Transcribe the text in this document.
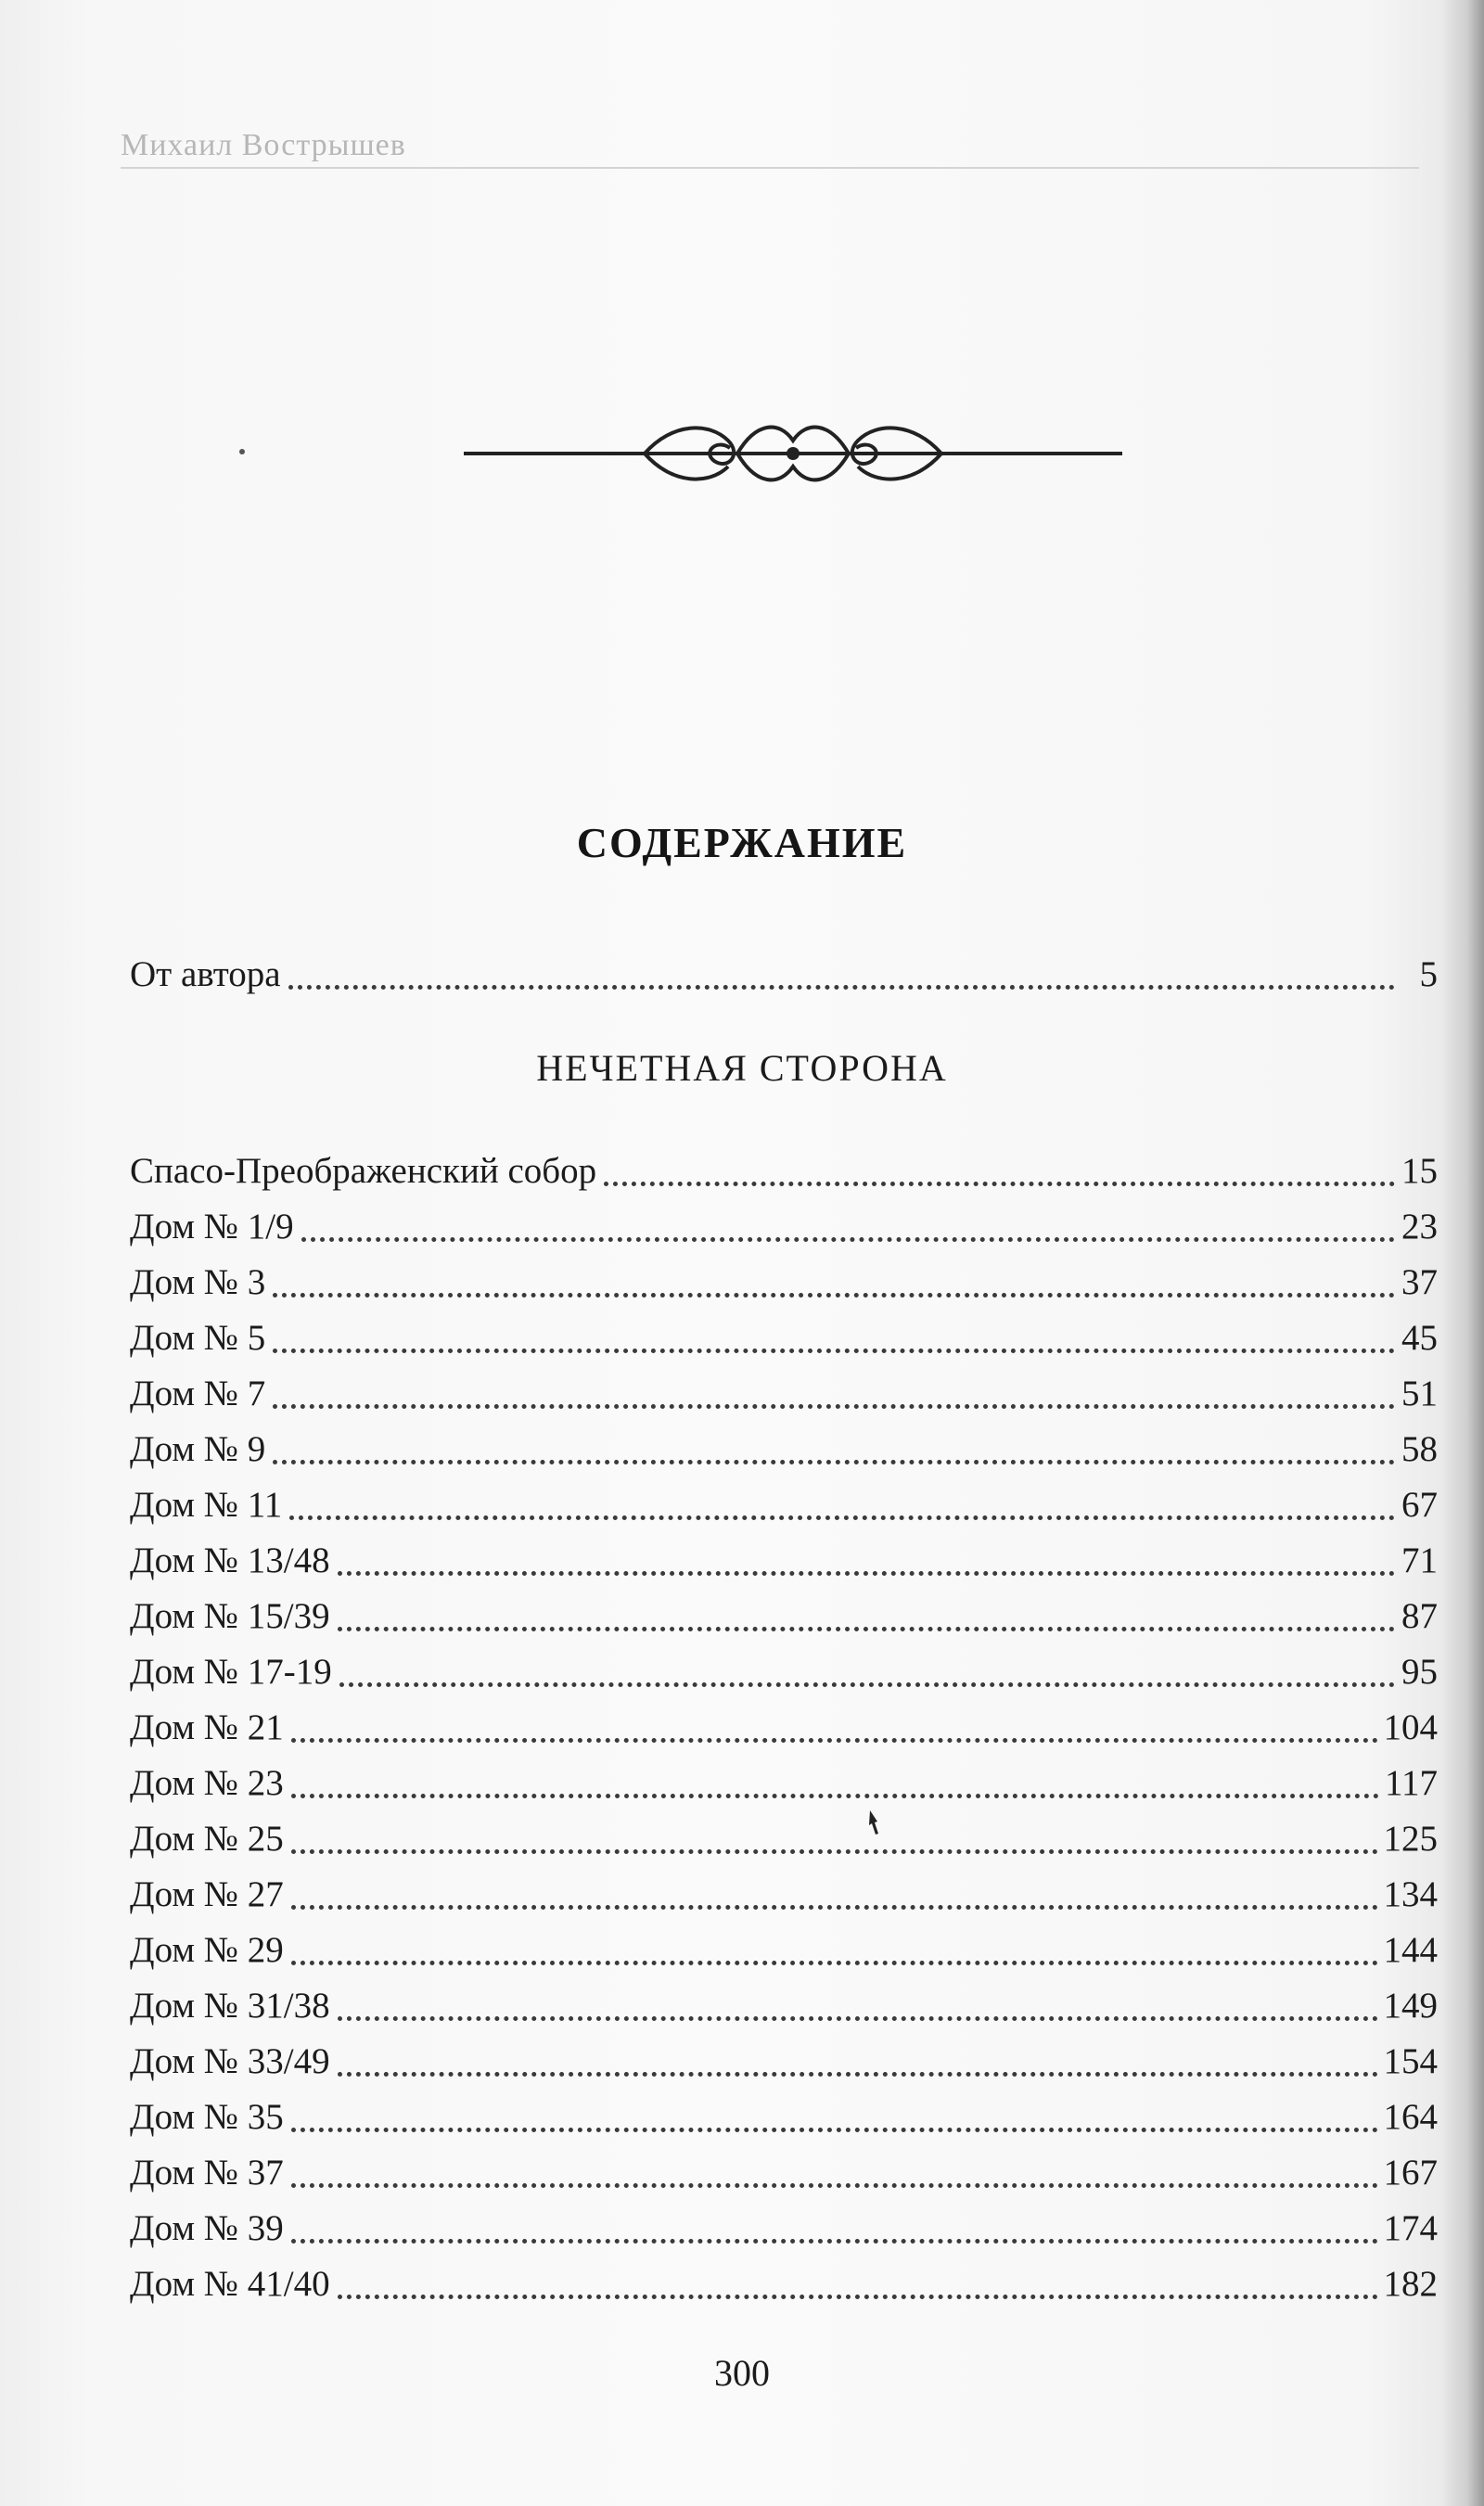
Михаил Вострышев
СОДЕРЖАНИЕ
От автора	5
НЕЧЕТНАЯ СТОРОНА
Спасо-Преображенский собор	15
Дом № 1/9	23
Дом № 3	37
Дом № 5	45
Дом № 7	51
Дом № 9	58
Дом № 11	67
Дом № 13/48	71
Дом № 15/39	87
Дом № 17-19	95
Дом № 21	104
Дом № 23	117
Дом № 25	125
Дом № 27	134
Дом № 29	144
Дом № 31/38	149
Дом № 33/49	154
Дом № 35	164
Дом № 37	167
Дом № 39	174
Дом № 41/40	182
300
